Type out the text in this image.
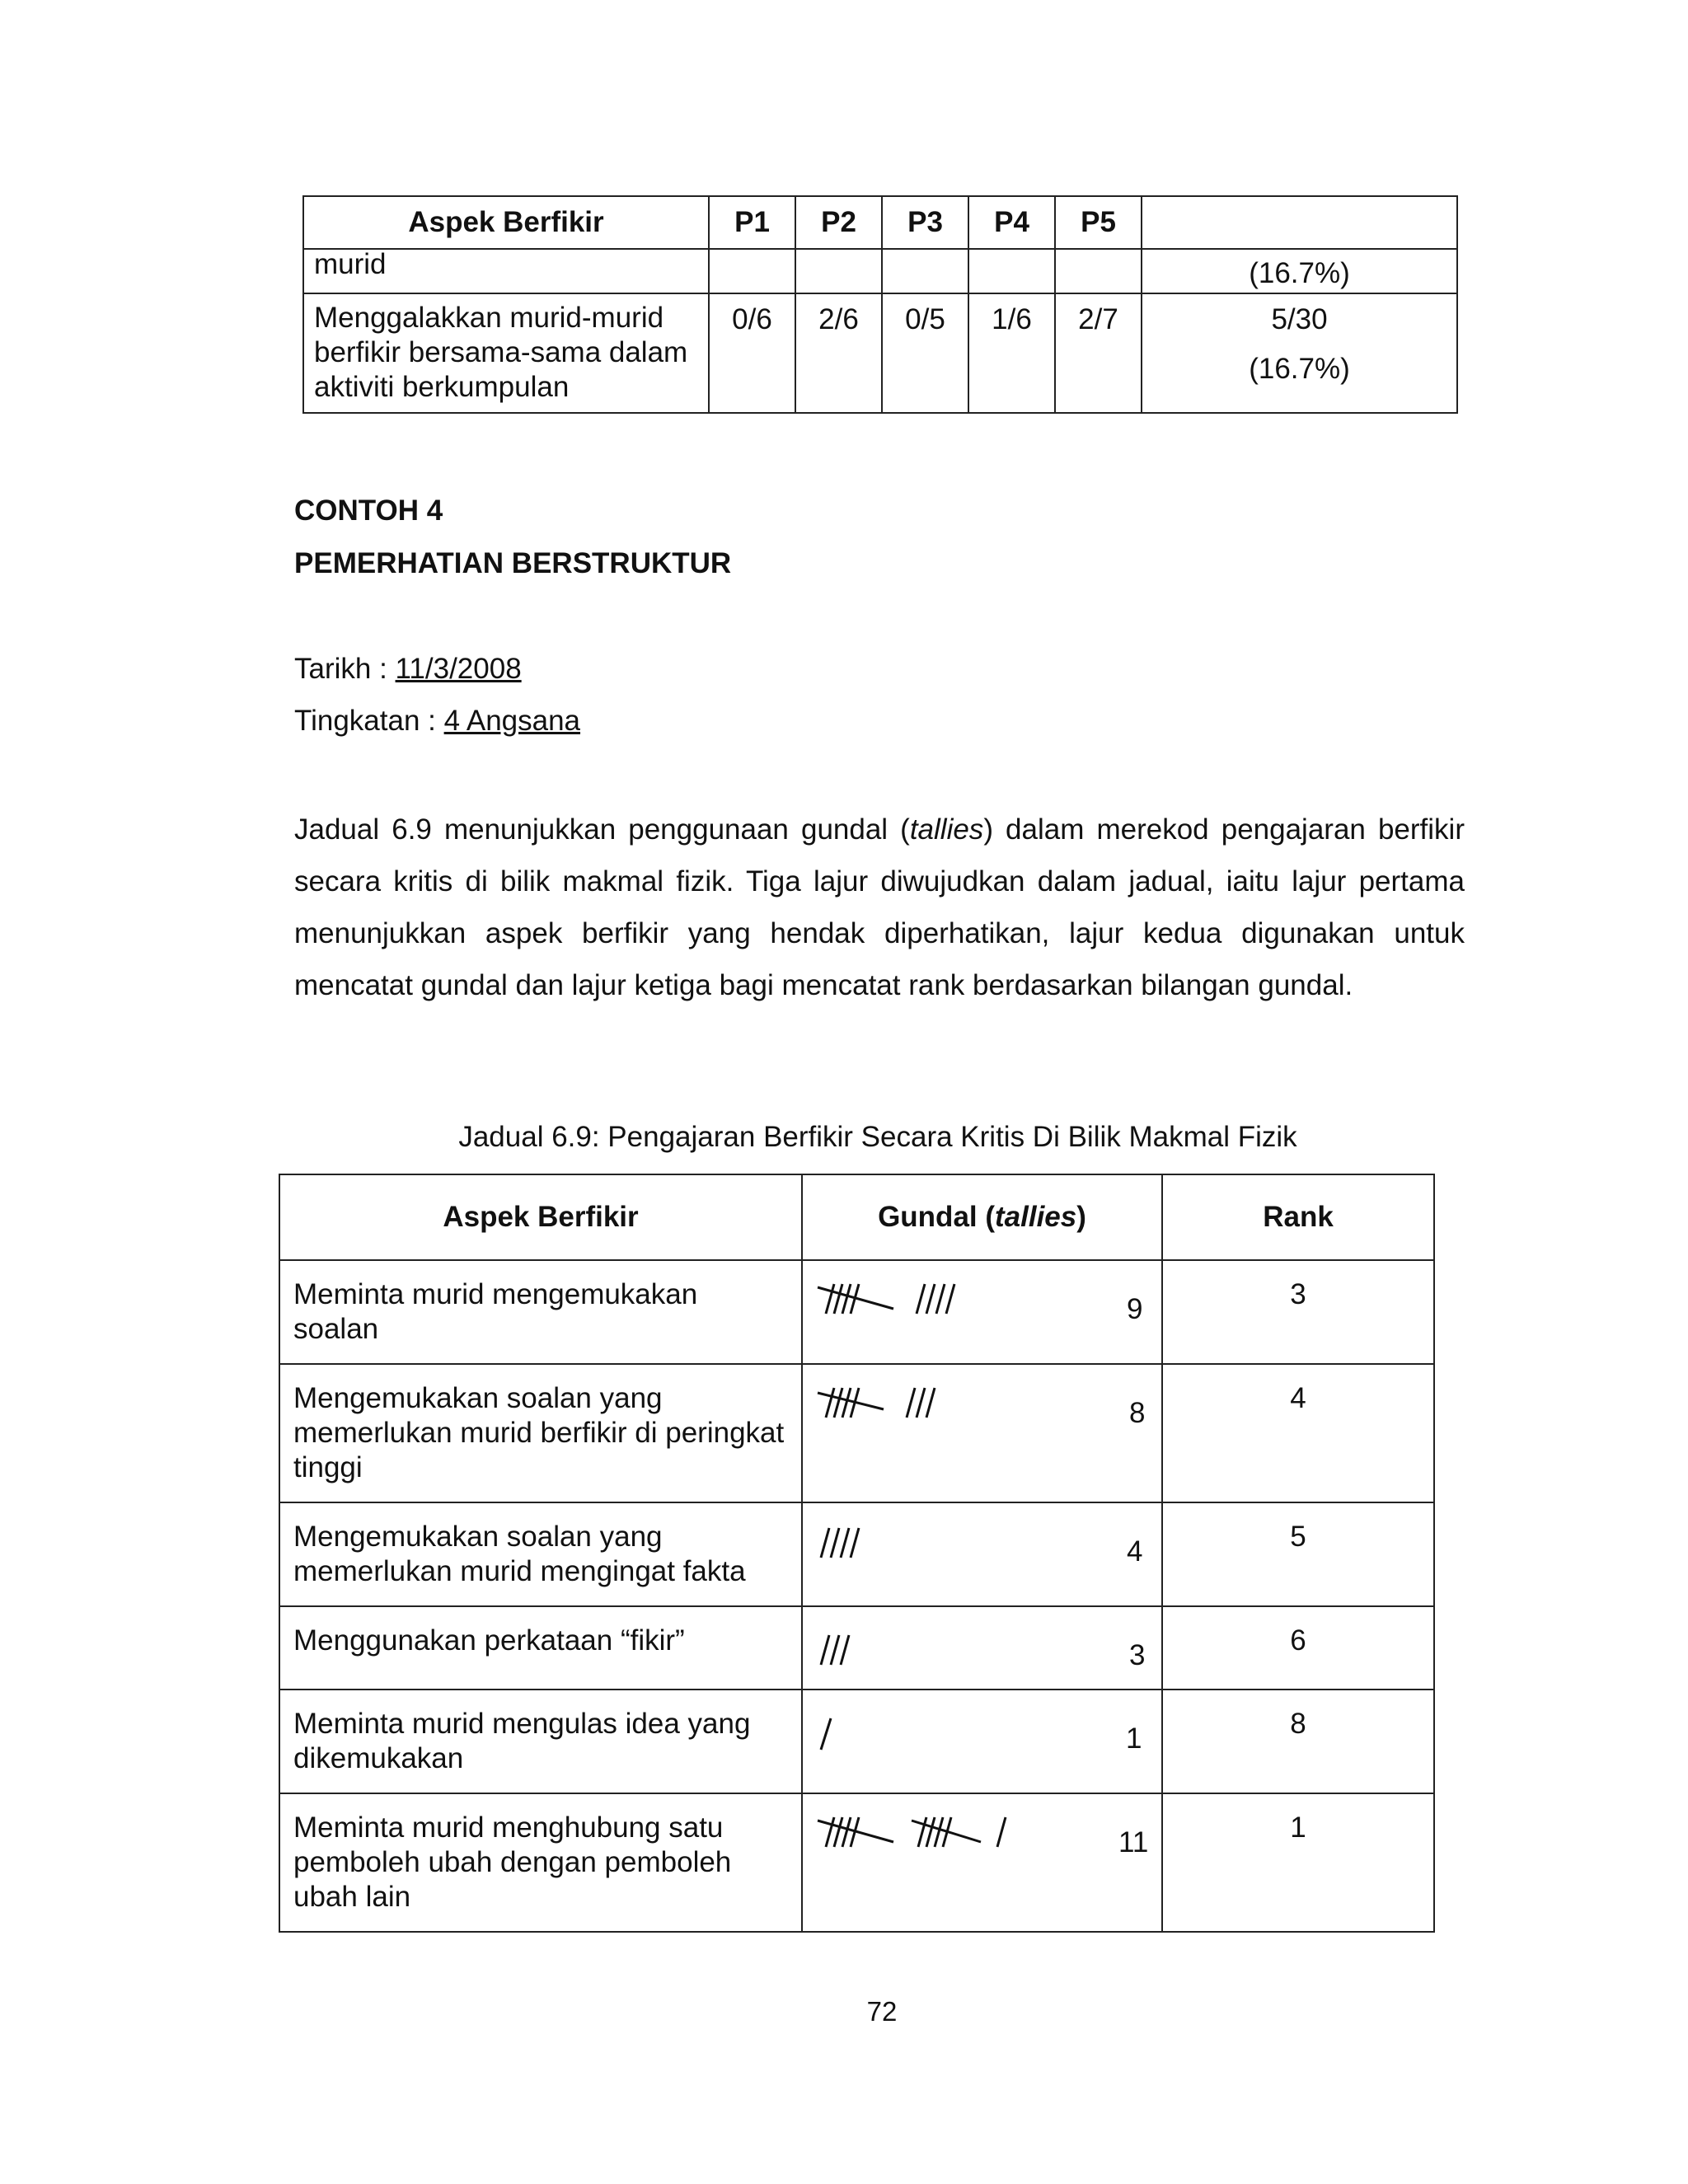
Aspek Berfikir	P1	P2	P3	P4	P5	
murid						(16.7%)
Menggalakkan murid-murid berfikir bersama-sama dalam aktiviti berkumpulan	0/6	2/6	0/5	1/6	2/7	5/30
(16.7%)

CONTOH 4

PEMERHATIAN BERSTRUKTUR

Tarikh : 11/3/2008

Tingkatan : 4 Angsana

Jadual 6.9 menunjukkan penggunaan gundal (tallies) dalam merekod pengajaran berfikir secara kritis di bilik makmal fizik. Tiga lajur diwujudkan dalam jadual, iaitu lajur pertama menunjukkan aspek berfikir yang hendak diperhatikan, lajur kedua digunakan untuk mencatat gundal dan lajur ketiga bagi mencatat rank berdasarkan bilangan gundal.

Jadual 6.9: Pengajaran Berfikir Secara Kritis Di Bilik Makmal Fizik

Aspek Berfikir	Gundal (tallies)	Rank
Meminta murid mengemukakan soalan	9	3
Mengemukakan soalan yang memerlukan murid berfikir di peringkat tinggi	8	4
Mengemukakan soalan yang memerlukan murid mengingat fakta	4	5
Menggunakan perkataan “fikir”	3	6
Meminta murid mengulas idea yang dikemukakan	1	8
Meminta murid menghubung satu pemboleh ubah dengan pemboleh ubah lain	11	1

72
